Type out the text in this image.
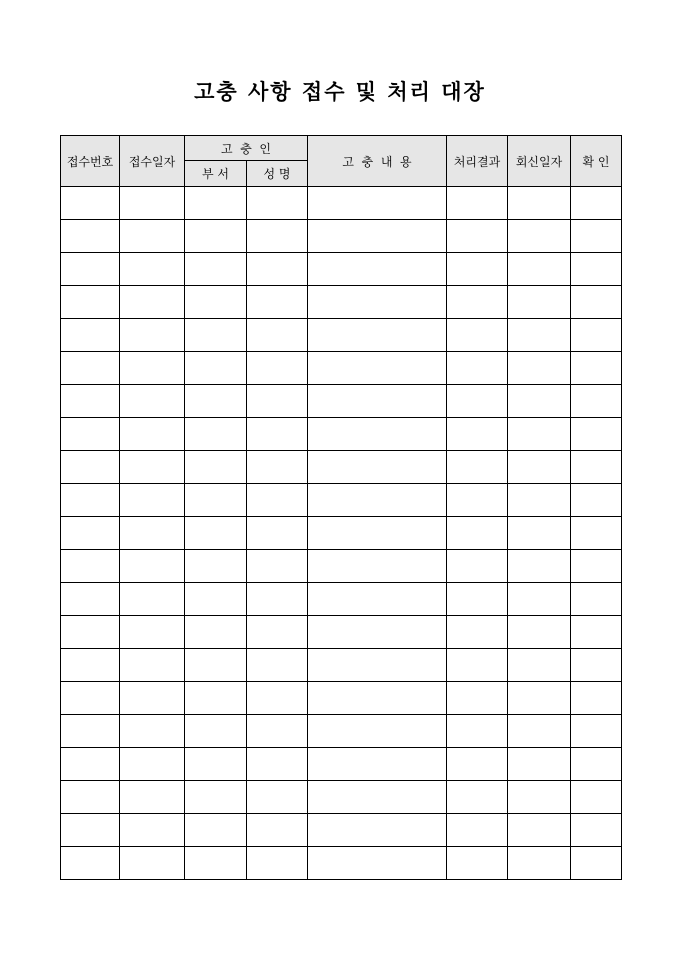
고충 사항 접수 및 처리 대장
접수번호	접수일자	고  충  인		고  충  내  용	처리결과	회신일자	확 인
		부 서	성 명				
